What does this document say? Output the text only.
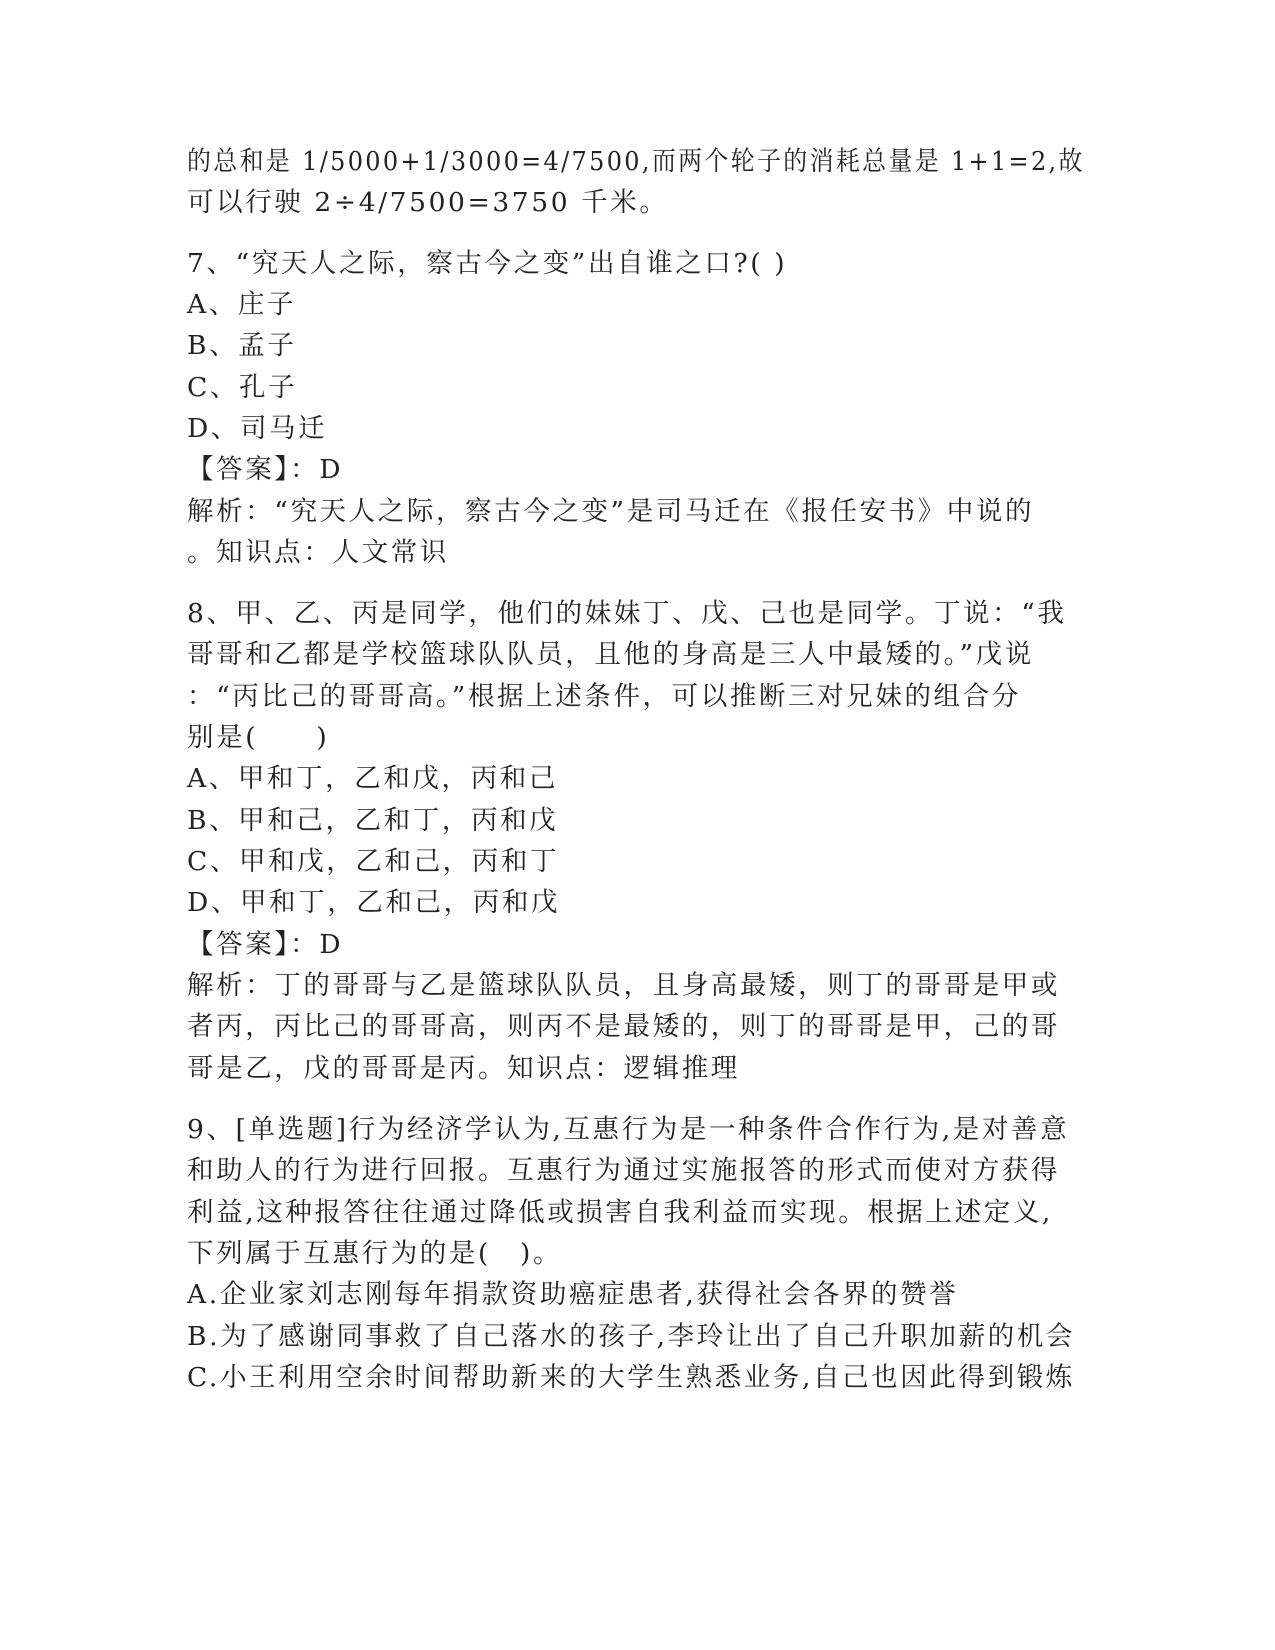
的总和是 1/5000+1/3000=4/7500,而两个轮子的消耗总量是 1+1=2,故
可以行驶 2÷4/7500=3750 千米。
7、“究天人之际，察古今之变”出自谁之口?( )
A、庄子
B、孟子
C、孔子
D、司马迁
【答案】：D
解析：“究天人之际，察古今之变”是司马迁在《报任安书》中说的
。知识点：人文常识
8、甲、乙、丙是同学，他们的妹妹丁、戊、己也是同学。丁说：“我
哥哥和乙都是学校篮球队队员，且他的身高是三人中最矮的。”戊说
：“丙比己的哥哥高。”根据上述条件，可以推断三对兄妹的组合分
别是(　　)
A、甲和丁，乙和戊，丙和己
B、甲和己，乙和丁，丙和戊
C、甲和戊，乙和己，丙和丁
D、甲和丁，乙和己，丙和戊
【答案】：D
解析：丁的哥哥与乙是篮球队队员，且身高最矮，则丁的哥哥是甲或
者丙，丙比己的哥哥高，则丙不是最矮的，则丁的哥哥是甲，己的哥
哥是乙，戊的哥哥是丙。知识点：逻辑推理
9、[单选题]行为经济学认为,互惠行为是一种条件合作行为,是对善意
和助人的行为进行回报。互惠行为通过实施报答的形式而使对方获得
利益,这种报答往往通过降低或损害自我利益而实现。根据上述定义,
下列属于互惠行为的是(　)。
A.企业家刘志刚每年捐款资助癌症患者,获得社会各界的赞誉
B.为了感谢同事救了自己落水的孩子,李玲让出了自己升职加薪的机会
C.小王利用空余时间帮助新来的大学生熟悉业务,自己也因此得到锻炼
